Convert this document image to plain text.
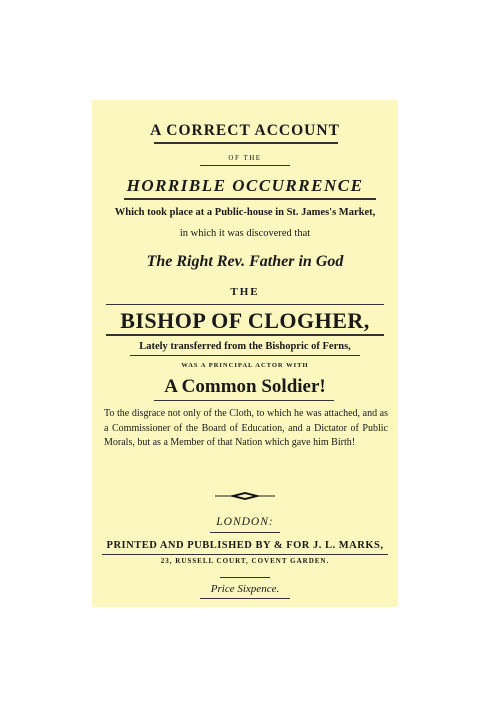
A CORRECT ACCOUNT
OF THE
HORRIBLE OCCURRENCE
Which took place at a Public-house in St. James's Market,
in which it was discovered that
The Right Rev. Father in God
THE
BISHOP OF CLOGHER,
Lately transferred from the Bishopric of Ferns,
WAS A PRINCIPAL ACTOR WITH
A Common Soldier!
To the disgrace not only of the Cloth, to which he was attached, and as a Commissioner of the Board of Education, and a Dictator of Public Morals, but as a Member of that Nation which gave him Birth!
LONDON:
PRINTED AND PUBLISHED BY & FOR J. L. MARKS,
23, RUSSELL COURT, COVENT GARDEN.
Price Sixpence.
